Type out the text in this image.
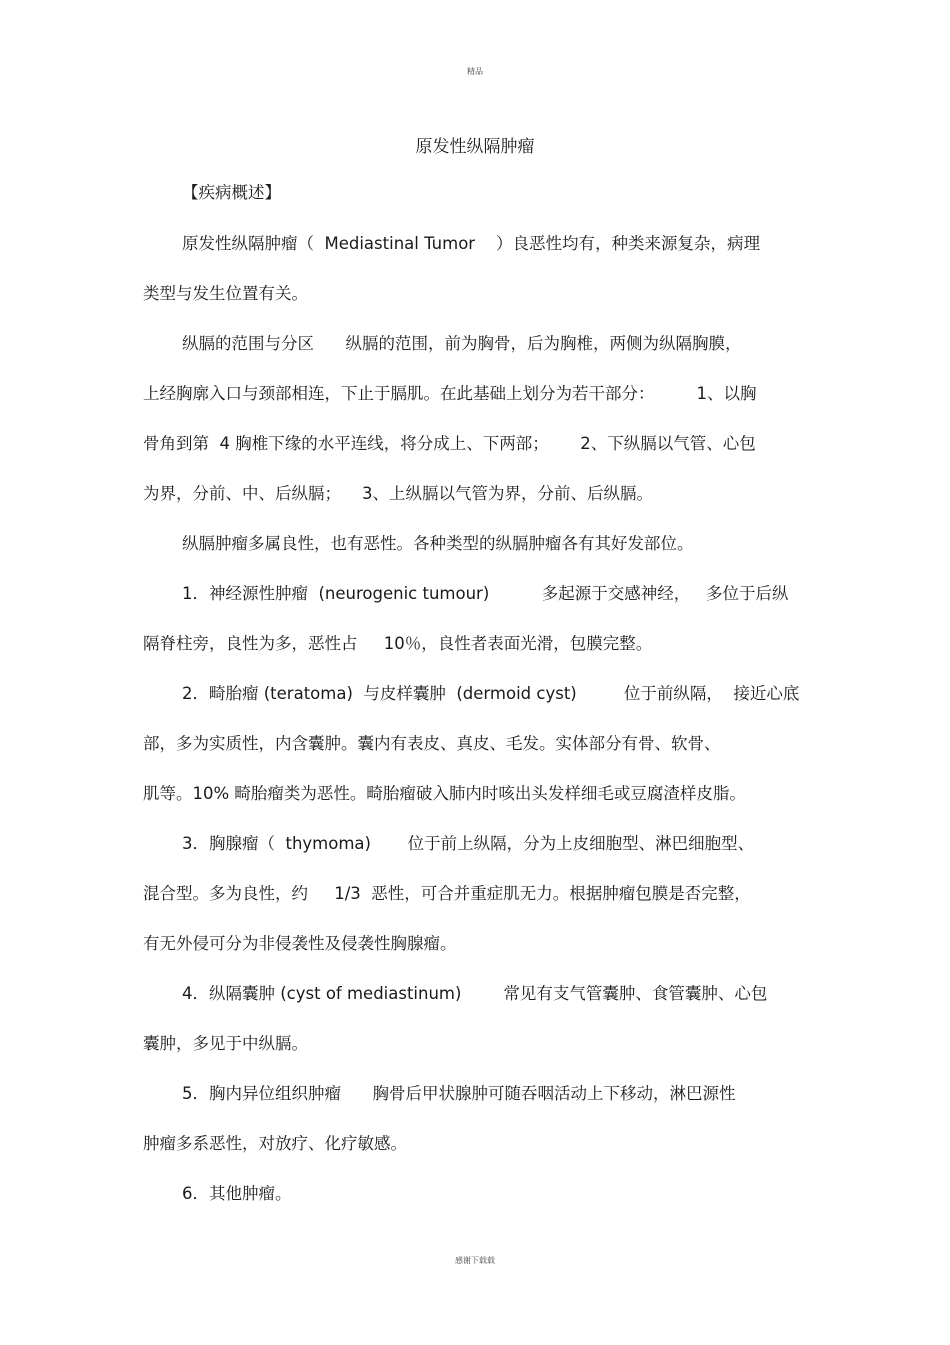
精品
原发性纵隔肿瘤
【疾病概述】
原发性纵隔肿瘤（  Mediastinal Tumor    ）良恶性均有，种类来源复杂，病理
类型与发生位置有关。
纵膈的范围与分区      纵膈的范围，前为胸骨，后为胸椎，两侧为纵隔胸膜，
上经胸廓入口与颈部相连，下止于膈肌。在此基础上划分为若干部分：        1、以胸
骨角到第  4 胸椎下缘的水平连线，将分成上、下两部；      2、下纵膈以气管、心包
为界，分前、中、后纵膈；    3、上纵膈以气管为界，分前、后纵膈。
纵膈肿瘤多属良性，也有恶性。各种类型的纵膈肿瘤各有其好发部位。
1．神经源性肿瘤  (neurogenic tumour)          多起源于交感神经，   多位于后纵
隔脊柱旁，良性为多，恶性占     10％，良性者表面光滑，包膜完整。
2．畸胎瘤 (teratoma)  与皮样囊肿  (dermoid cyst)         位于前纵隔，  接近心底
部，多为实质性，内含囊肿。囊内有表皮、真皮、毛发。实体部分有骨、软骨、
肌等。10% 畸胎瘤类为恶性。畸胎瘤破入肺内时咳出头发样细毛或豆腐渣样皮脂。
3．胸腺瘤（  thymoma)       位于前上纵隔，分为上皮细胞型、淋巴细胞型、
混合型。多为良性，约     1/3  恶性，可合并重症肌无力。根据肿瘤包膜是否完整，
有无外侵可分为非侵袭性及侵袭性胸腺瘤。
4．纵隔囊肿 (cyst of mediastinum)        常见有支气管囊肿、食管囊肿、心包
囊肿，多见于中纵膈。
5．胸内异位组织肿瘤      胸骨后甲状腺肿可随吞咽活动上下移动，淋巴源性
肿瘤多系恶性，对放疗、化疗敏感。
6．其他肿瘤。
感谢下载载
